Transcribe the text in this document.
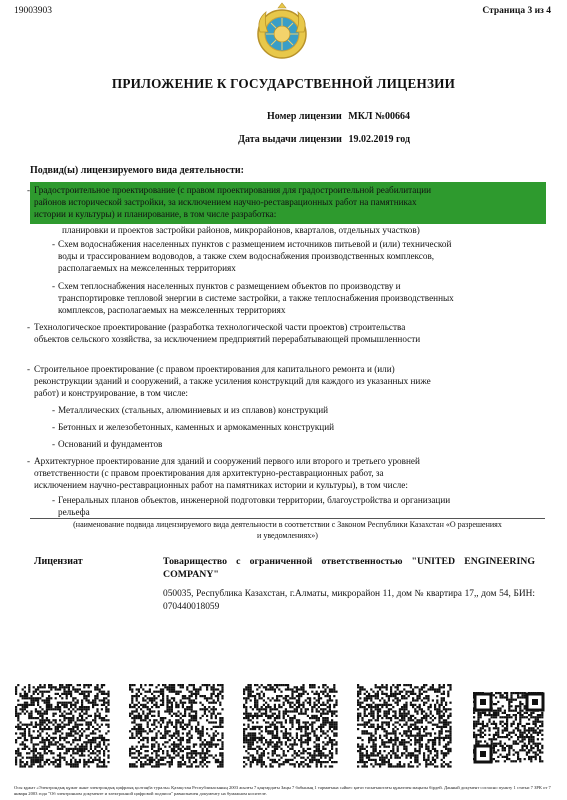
19003903	Страница 3 из 4
ПРИЛОЖЕНИЕ К ГОСУДАРСТВЕННОЙ ЛИЦЕНЗИИ
Номер лицензии МКЛ №00664
Дата выдачи лицензии 19.02.2019 год
Подвид(ы) лицензируемого вида деятельности:
- Градостроительное проектирование (с правом проектирования для градостроительной реабилитации
районов исторической застройки, за исключением научно-реставрационных работ на памятниках
истории и культуры) и планирование, в том числе разработка:
планировки и проектов застройки районов, микрорайонов, кварталов, отдельных участков)
- Схем водоснабжения населенных пунктов с размещением источников питьевой и (или) технической
воды и трассированием водоводов, а также схем водоснабжения производственных комплексов,
располагаемых на межселенных территориях
- Схем теплоснабжения населенных пунктов с размещением объектов по производству и
транспортировке тепловой энергии в системе застройки, а также теплоснабжения производственных
комплексов, располагаемых на межселенных территориях
- Технологическое проектирование (разработка технологической части проектов) строительства
объектов сельского хозяйства, за исключением предприятий перерабатывающей промышленности
- Строительное проектирование (с правом проектирования для капитального ремонта и (или)
реконструкции зданий и сооружений, а также усиления конструкций для каждого из указанных ниже
работ) и конструирование, в том числе:
- Металлических (стальных, алюминиевых и из сплавов) конструкций
- Бетонных и железобетонных, каменных и армокаменных конструкций
- Оснований и фундаментов
- Архитектурное проектирование для зданий и сооружений первого или второго и третьего уровней
ответственности (с правом проектирования для архитектурно-реставрационных работ, за
исключением научно-реставрационных работ на памятниках истории и культуры), в том числе:
- Генеральных планов объектов, инженерной подготовки территории, благоустройства и организации
рельефа
(наименование подвида лицензируемого вида деятельности в соответствии с Законом Республики Казахстан «О разрешениях
и уведомлениях»)
Лицензиат	Товарищество с ограниченной ответственностью "UNITED ENGINEERING COMPANY"
050035, Республика Казахстан, г.Алматы, микрорайон 11, дом № квартира 17,, дом 54, БИН: 070440018059
Осы құжат «Электрондық құжат және электрондық цифрлық қолтаңба туралы» Қазақстан Республикасының 2003 жылғы 7 қаңтардағы Заңы 7 бабының 1 тармағына сәйкес қағаз тасығыштағы құжатпен маңызы бірдей. Данный документ согласно пункту 1 статьи 7 ЗРК от 7 января 2003 года "Об электронном документе и электронной цифровой подписи" равнозначен документу на бумажном носителе.
